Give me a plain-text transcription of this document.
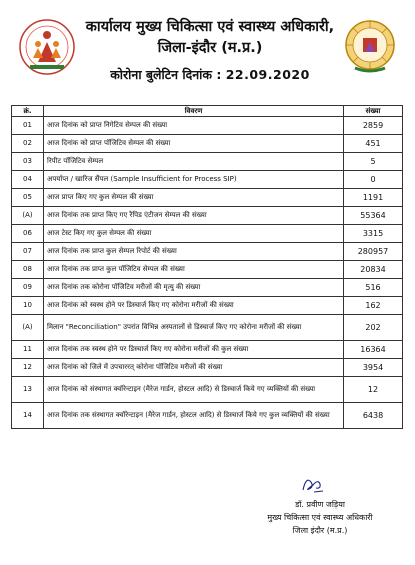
कार्यालय मुख्य चिकित्सा एवं स्वास्थ्य अधिकारी,
जिला-इंदौर (म.प्र.)
कोरोना बुलेटिन दिनांक : 22.09.2020
क्रं.	विवरण	संख्या
01	आज दिनांक को प्राप्त निगेटिव सेम्पल की संख्या	2859
02	आज दिनांक को प्राप्त पॉजिटिव सेम्पल की संख्या	451
03	रिपीट पॉजिटिव सेम्पल	5
04	अपर्याप्त / खारिज सैंपल (Sample Insufficient for Process SIP)	0
05	आज प्राप्त किए गए कुल सेम्पल की संख्या	1191
(A)	आज दिनांक तक प्राप्त किए गए रैपिड एंटीजन सेम्पल की संख्या	55364
06	आज टेस्ट किए गए कुल सेम्पल की संख्या	3315
07	आज दिनांक तक प्राप्त कुल सेम्पल रिपोर्ट की संख्या	280957
08	आज दिनांक तक प्राप्त कुल पॉजिटिव सेम्पल की संख्या	20834
09	आज दिनांक तक कोरोना पॉजिटिव मरीजों की मृत्यु की संख्या	516
10	आज दिनांक को स्वस्थ होने पर डिस्चार्ज किए गए कोरोना मरीजों की संख्या	162
(A)	मिलान "Reconciliation" उपरांत विभिन्न अस्पतालों से डिस्चार्ज किए गए कोरोना मरीजों की संख्या	202
11	आज दिनांक तक स्वस्थ होने पर डिस्चार्ज किए गए कोरोना मरीजों की कुल संख्या	16364
12	आज दिनांक को जिले में उपचाररत् कोरोना पॉजिटिव मरीजों की संख्या	3954
13	आज दिनांक को संस्थागत क्वॉरेन्टाइन (मैरेज गार्डन, होस्टल आदि) से डिस्चार्ज किये गए व्यक्तियों की संख्या	12
14	आज दिनांक तक संस्थागत क्वॉरेन्टाइन (मैरेज गार्डन, होस्टल आदि) से डिस्चार्ज किये गए कुल व्यक्तियों की संख्या	6438
डॉ. प्रवीण जड़िया
मुख्य चिकित्सा एवं स्वास्थ्य अधिकारी
जिला इंदौर (म.प्र.)
